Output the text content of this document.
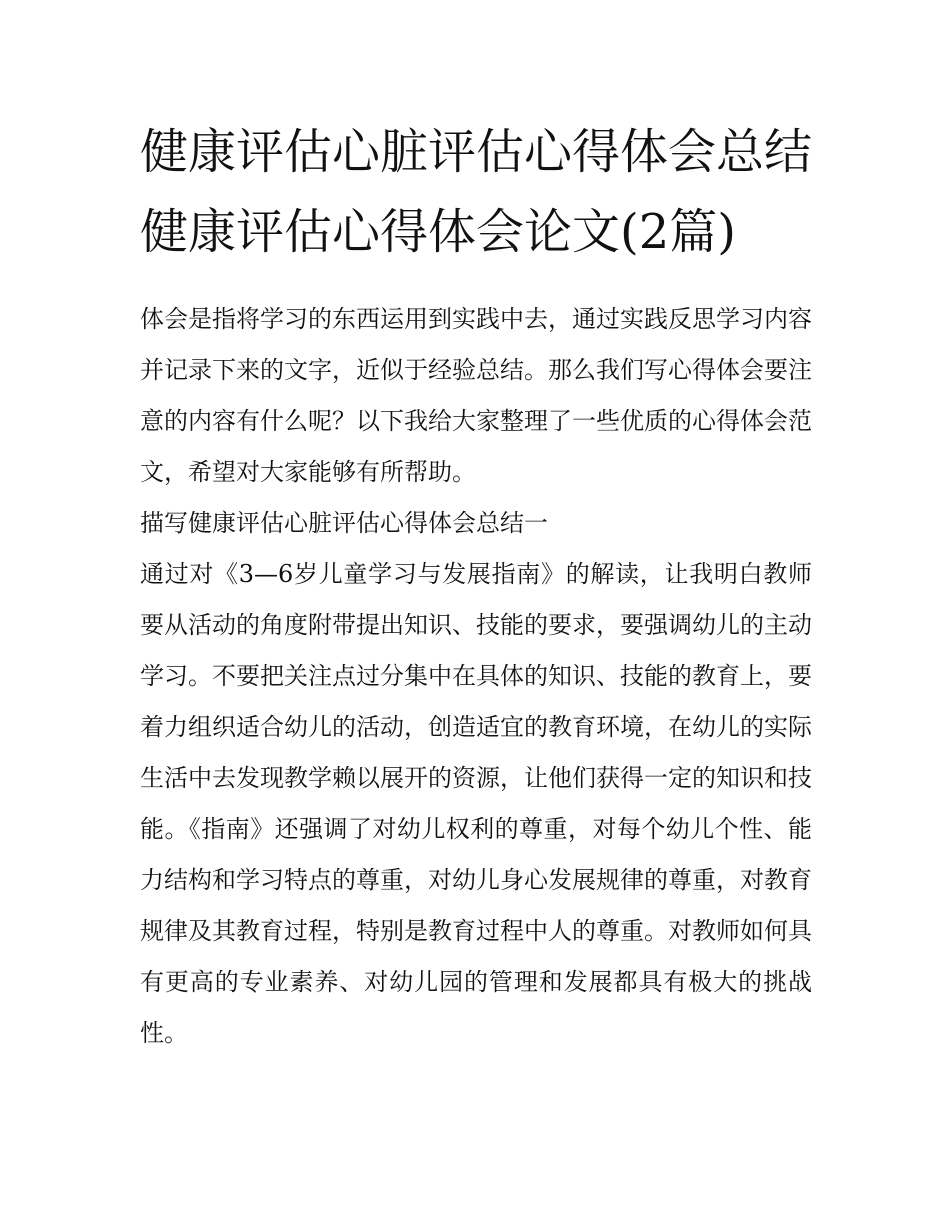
健康评估心脏评估心得体会总结 健康评估心得体会论文(2篇)

体会是指将学习的东西运用到实践中去，通过实践反思学习内容并记录下来的文字，近似于经验总结。那么我们写心得体会要注意的内容有什么呢？以下我给大家整理了一些优质的心得体会范文，希望对大家能够有所帮助。

描写健康评估心脏评估心得体会总结一

通过对《3—6岁儿童学习与发展指南》的解读，让我明白教师要从活动的角度附带提出知识、技能的要求，要强调幼儿的主动学习。不要把关注点过分集中在具体的知识、技能的教育上，要着力组织适合幼儿的活动，创造适宜的教育环境，在幼儿的实际生活中去发现教学赖以展开的资源，让他们获得一定的知识和技能。《指南》还强调了对幼儿权利的尊重，对每个幼儿个性、能力结构和学习特点的尊重，对幼儿身心发展规律的尊重，对教育规律及其教育过程，特别是教育过程中人的尊重。对教师如何具有更高的专业素养、对幼儿园的管理和发展都具有极大的挑战性。
